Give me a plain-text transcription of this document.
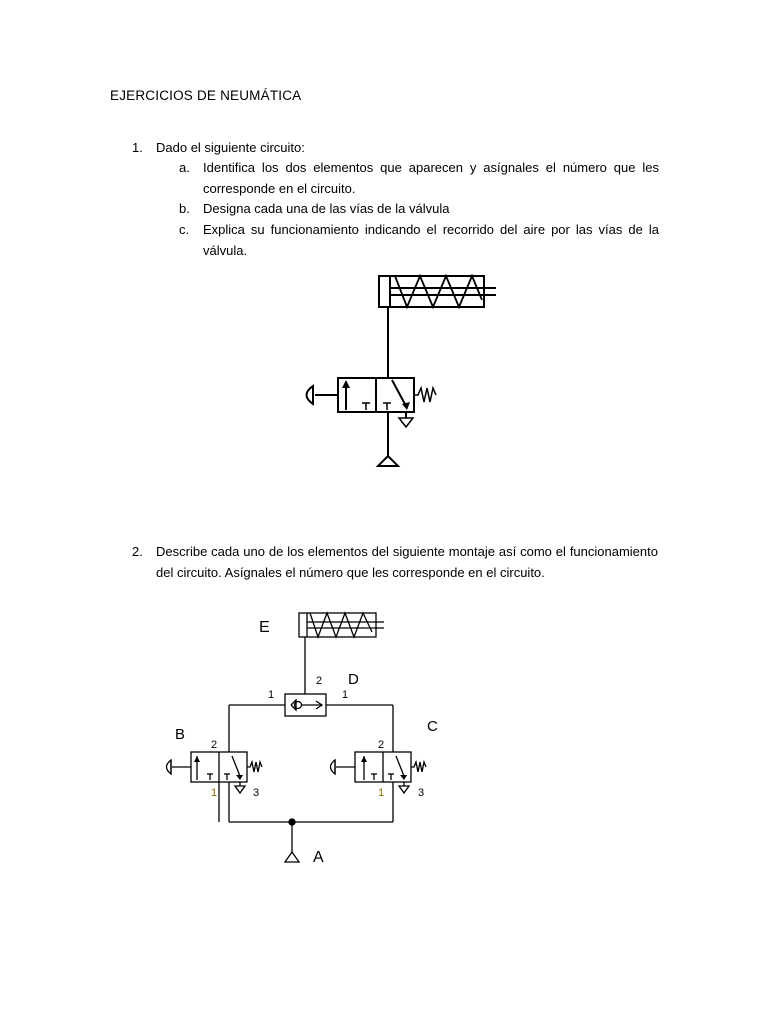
EJERCICIOS DE NEUMÁTICA
1. Dado el siguiente circuito:
a. Identifica los dos elementos que aparecen y asígnales el número que les corresponde en el circuito.
b. Designa cada una de las vías de la válvula
c. Explica su funcionamiento indicando el recorrido del aire por las vías de la válvula.
2. Describe cada uno de los elementos del siguiente montaje así como el funcionamiento del circuito. Asígnales el número que les corresponde en el circuito.
E
D
B	C
A
2
1	1
2
1	3
2
1	3
